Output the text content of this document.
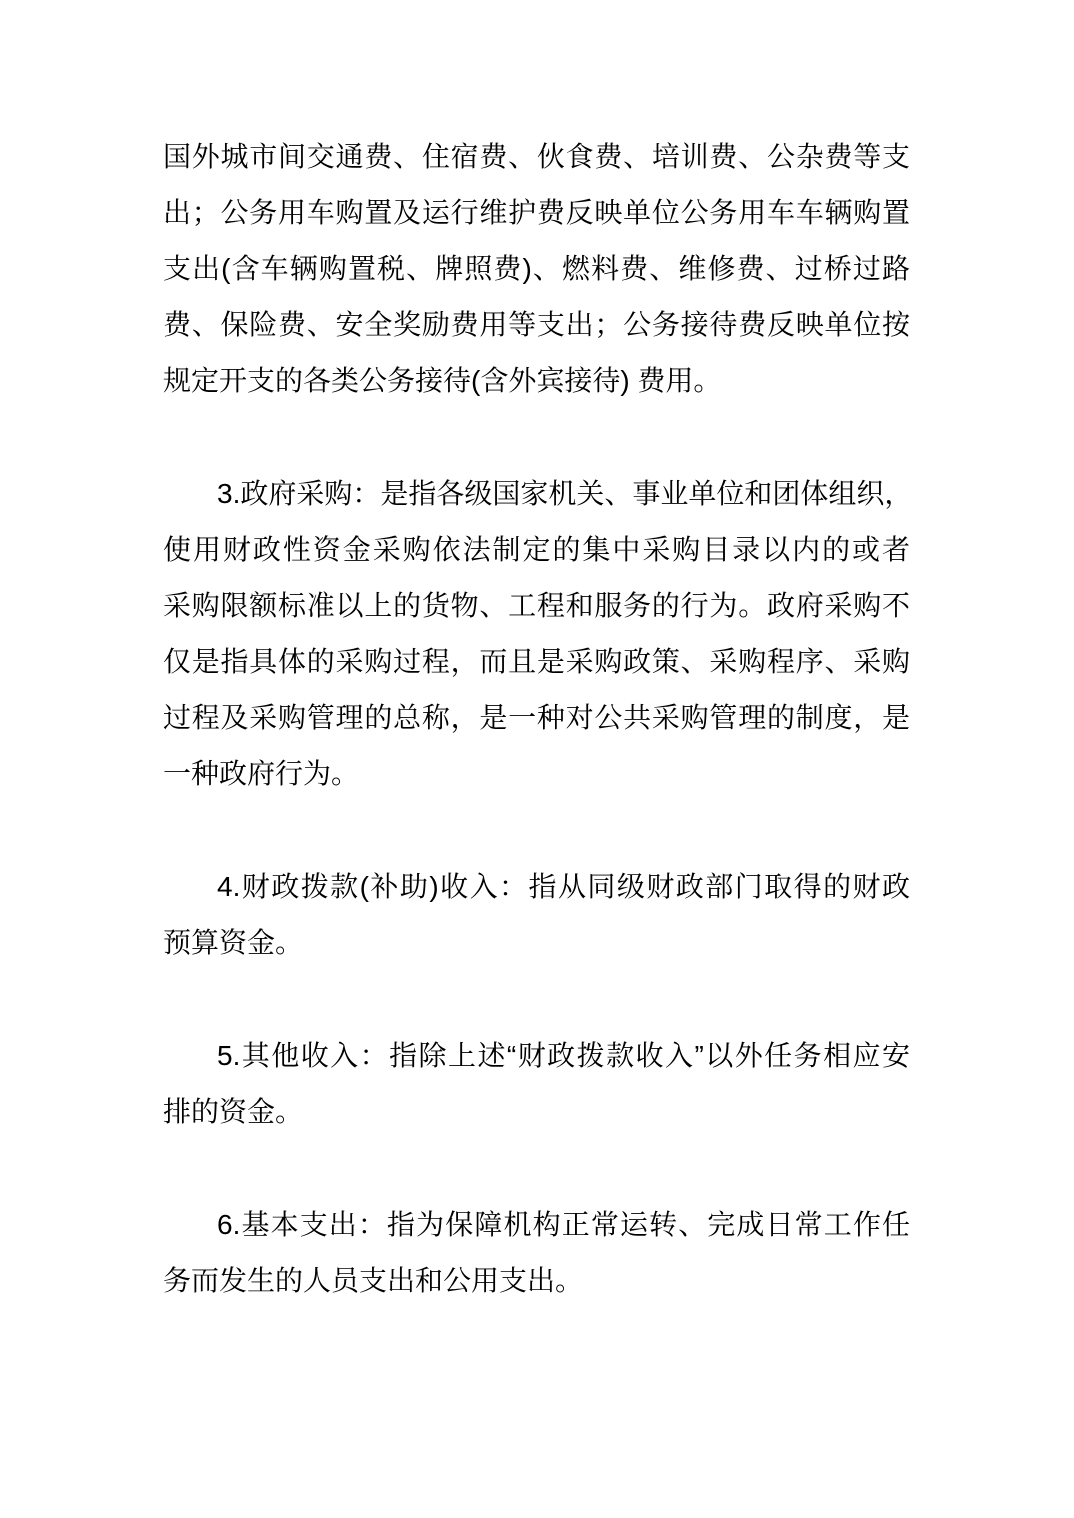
国外城市间交通费、住宿费、伙食费、培训费、公杂费等支
出；公务用车购置及运行维护费反映单位公务用车车辆购置
支出(含车辆购置税、牌照费)、燃料费、维修费、过桥过路
费、保险费、安全奖励费用等支出；公务接待费反映单位按
规定开支的各类公务接待(含外宾接待) 费用。

3.政府采购：是指各级国家机关、事业单位和团体组织，
使用财政性资金采购依法制定的集中采购目录以内的或者
采购限额标准以上的货物、工程和服务的行为。政府采购不
仅是指具体的采购过程，而且是采购政策、采购程序、采购
过程及采购管理的总称，是一种对公共采购管理的制度，是
一种政府行为。

4.财政拨款(补助)收入：指从同级财政部门取得的财政
预算资金。

5.其他收入：指除上述“财政拨款收入”以外任务相应安
排的资金。

6.基本支出：指为保障机构正常运转、完成日常工作任
务而发生的人员支出和公用支出。
